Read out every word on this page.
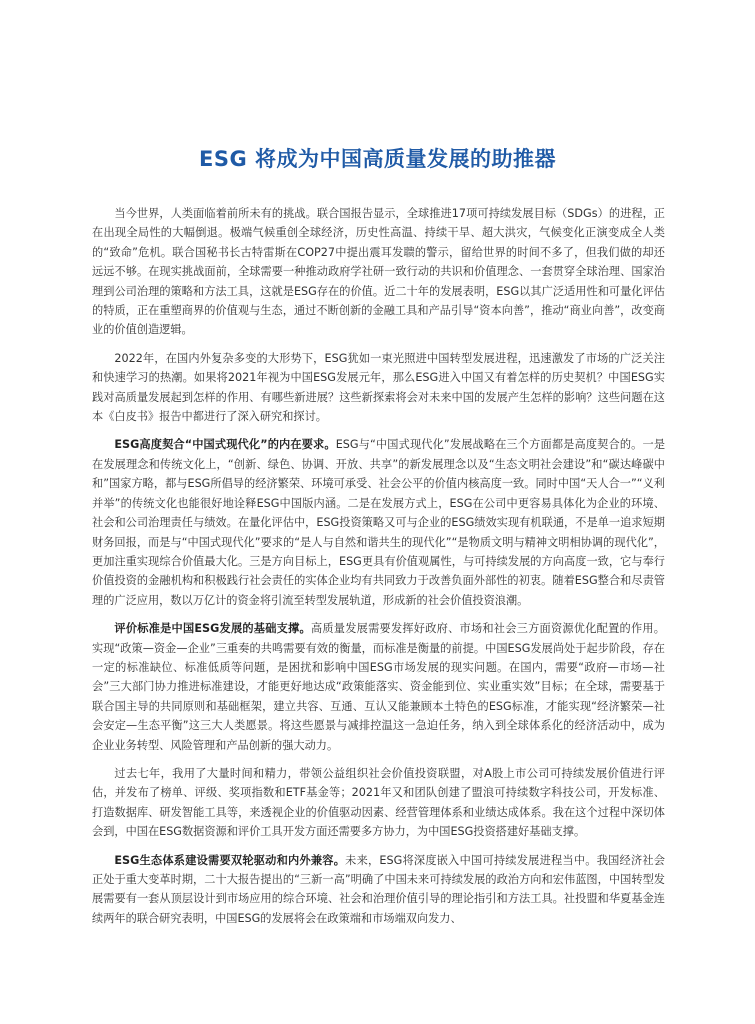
ESG 将成为中国高质量发展的助推器

当今世界，人类面临着前所未有的挑战。联合国报告显示，全球推进17项可持续发展目标（SDGs）的进程，正在出现全局性的大幅倒退。极端气候重创全球经济，历史性高温、持续干旱、超大洪灾，气候变化正演变成全人类的“致命”危机。联合国秘书长古特雷斯在COP27中提出震耳发聩的警示，留给世界的时间不多了，但我们做的却还远远不够。在现实挑战面前，全球需要一种推动政府学社研一致行动的共识和价值理念、一套贯穿全球治理、国家治理到公司治理的策略和方法工具，这就是ESG存在的价值。近二十年的发展表明，ESG以其广泛适用性和可量化评估的特质，正在重塑商界的价值观与生态，通过不断创新的金融工具和产品引导“资本向善”，推动“商业向善”，改变商业的价值创造逻辑。

2022年，在国内外复杂多变的大形势下，ESG犹如一束光照进中国转型发展进程，迅速激发了市场的广泛关注和快速学习的热潮。如果将2021年视为中国ESG发展元年，那么ESG进入中国又有着怎样的历史契机？中国ESG实践对高质量发展起到怎样的作用、有哪些新进展？这些新探索将会对未来中国的发展产生怎样的影响？这些问题在这本《白皮书》报告中都进行了深入研究和探讨。

ESG高度契合“中国式现代化”的内在要求。ESG与“中国式现代化”发展战略在三个方面都是高度契合的。一是在发展理念和传统文化上，“创新、绿色、协调、开放、共享”的新发展理念以及“生态文明社会建设”和“碳达峰碳中和”国家方略，都与ESG所倡导的经济繁荣、环境可承受、社会公平的价值内核高度一致。同时中国“天人合一”“义利并举”的传统文化也能很好地诠释ESG中国版内涵。二是在发展方式上，ESG在公司中更容易具体化为企业的环境、社会和公司治理责任与绩效。在量化评估中，ESG投资策略又可与企业的ESG绩效实现有机联通，不是单一追求短期财务回报，而是与“中国式现代化”要求的“是人与自然和谐共生的现代化”“是物质文明与精神文明相协调的现代化”，更加注重实现综合价值最大化。三是方向目标上，ESG更具有价值观属性，与可持续发展的方向高度一致，它与奉行价值投资的金融机构和积极践行社会责任的实体企业均有共同致力于改善负面外部性的初衷。随着ESG整合和尽责管理的广泛应用，数以万亿计的资金将引流至转型发展轨道，形成新的社会价值投资浪潮。

评价标准是中国ESG发展的基础支撑。高质量发展需要发挥好政府、市场和社会三方面资源优化配置的作用。实现“政策—资金—企业”三重奏的共鸣需要有效的衡量，而标准是衡量的前提。中国ESG发展尚处于起步阶段，存在一定的标准缺位、标准低质等问题，是困扰和影响中国ESG市场发展的现实问题。在国内，需要“政府—市场—社会”三大部门协力推进标准建设，才能更好地达成“政策能落实、资金能到位、实业重实效”目标；在全球，需要基于联合国主导的共同原则和基础框架，建立共容、互通、互认又能兼顾本土特色的ESG标准，才能实现“经济繁荣—社会安定—生态平衡”这三大人类愿景。将这些愿景与减排控温这一急迫任务，纳入到全球体系化的经济活动中，成为企业业务转型、风险管理和产品创新的强大动力。

过去七年，我用了大量时间和精力，带领公益组织社会价值投资联盟，对A股上市公司可持续发展价值进行评估，并发布了榜单、评级、奖项指数和ETF基金等；2021年又和团队创建了盟浪可持续数字科技公司，开发标准、打造数据库、研发智能工具等，来透视企业的价值驱动因素、经营管理体系和业绩达成体系。我在这个过程中深切体会到，中国在ESG数据资源和评价工具开发方面还需要多方协力，为中国ESG投资搭建好基础支撑。

ESG生态体系建设需要双轮驱动和内外兼容。未来，ESG将深度嵌入中国可持续发展进程当中。我国经济社会正处于重大变革时期，二十大报告提出的“三新一高”明确了中国未来可持续发展的政治方向和宏伟蓝图，中国转型发展需要有一套从顶层设计到市场应用的综合环境、社会和治理价值引导的理论指引和方法工具。社投盟和华夏基金连续两年的联合研究表明，中国ESG的发展将会在政策端和市场端双向发力、
